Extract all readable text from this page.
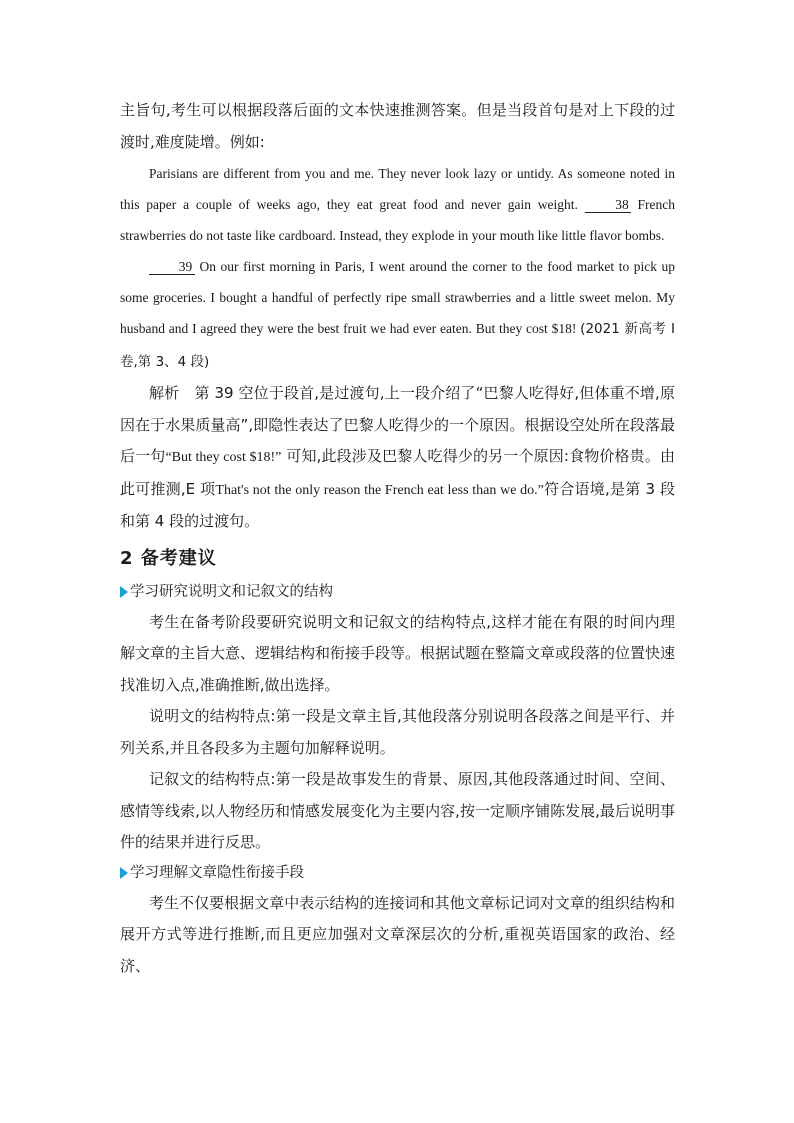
主旨句,考生可以根据段落后面的文本快速推测答案。但是当段首句是对上下段的过渡时,难度陡增。例如:

Parisians are different from you and me. They never look lazy or untidy. As someone noted in this paper a couple of weeks ago, they eat great food and never gain weight.	38 French strawberries do not taste like cardboard. Instead, they explode in your mouth like little flavor bombs.

39 On our first morning in Paris, I went around the corner to the food market to pick up some groceries. I bought a handful of perfectly ripe small strawberries and a little sweet melon. My husband and I agreed they were the best fruit we had ever eaten. But they cost $18! (2021 新高考 I 卷,第 3、4 段)

解析　 第 39 空位于段首,是过渡句,上一段介绍了“巴黎人吃得好,但体重不增,原因在于水果质量高”,即隐性表达了巴黎人吃得少的一个原因。根据设空处所在段落最后一句“But they cost $18!” 可知,此段涉及巴黎人吃得少的另一个原因:食物价格贵。由此可推测,E 项That's not the only reason the French eat less than we do.”符合语境,是第 3 段和第 4 段的过渡句。

2 备考建议
学习研究说明文和记叙文的结构

考生在备考阶段要研究说明文和记叙文的结构特点,这样才能在有限的时间内理解文章的主旨大意、逻辑结构和衔接手段等。根据试题在整篇文章或段落的位置快速找准切入点,准确推断,做出选择。

说明文的结构特点:第一段是文章主旨,其他段落分别说明各段落之间是平行、并列关系,并且各段多为主题句加解释说明。

记叙文的结构特点:第一段是故事发生的背景、原因,其他段落通过时间、空间、感情等线索,以人物经历和情感发展变化为主要内容,按一定顺序铺陈发展,最后说明事件的结果并进行反思。

学习理解文章隐性衔接手段

考生不仅要根据文章中表示结构的连接词和其他文章标记词对文章的组织结构和展开方式等进行推断,而且更应加强对文章深层次的分析,重视英语国家的政治、经济、
